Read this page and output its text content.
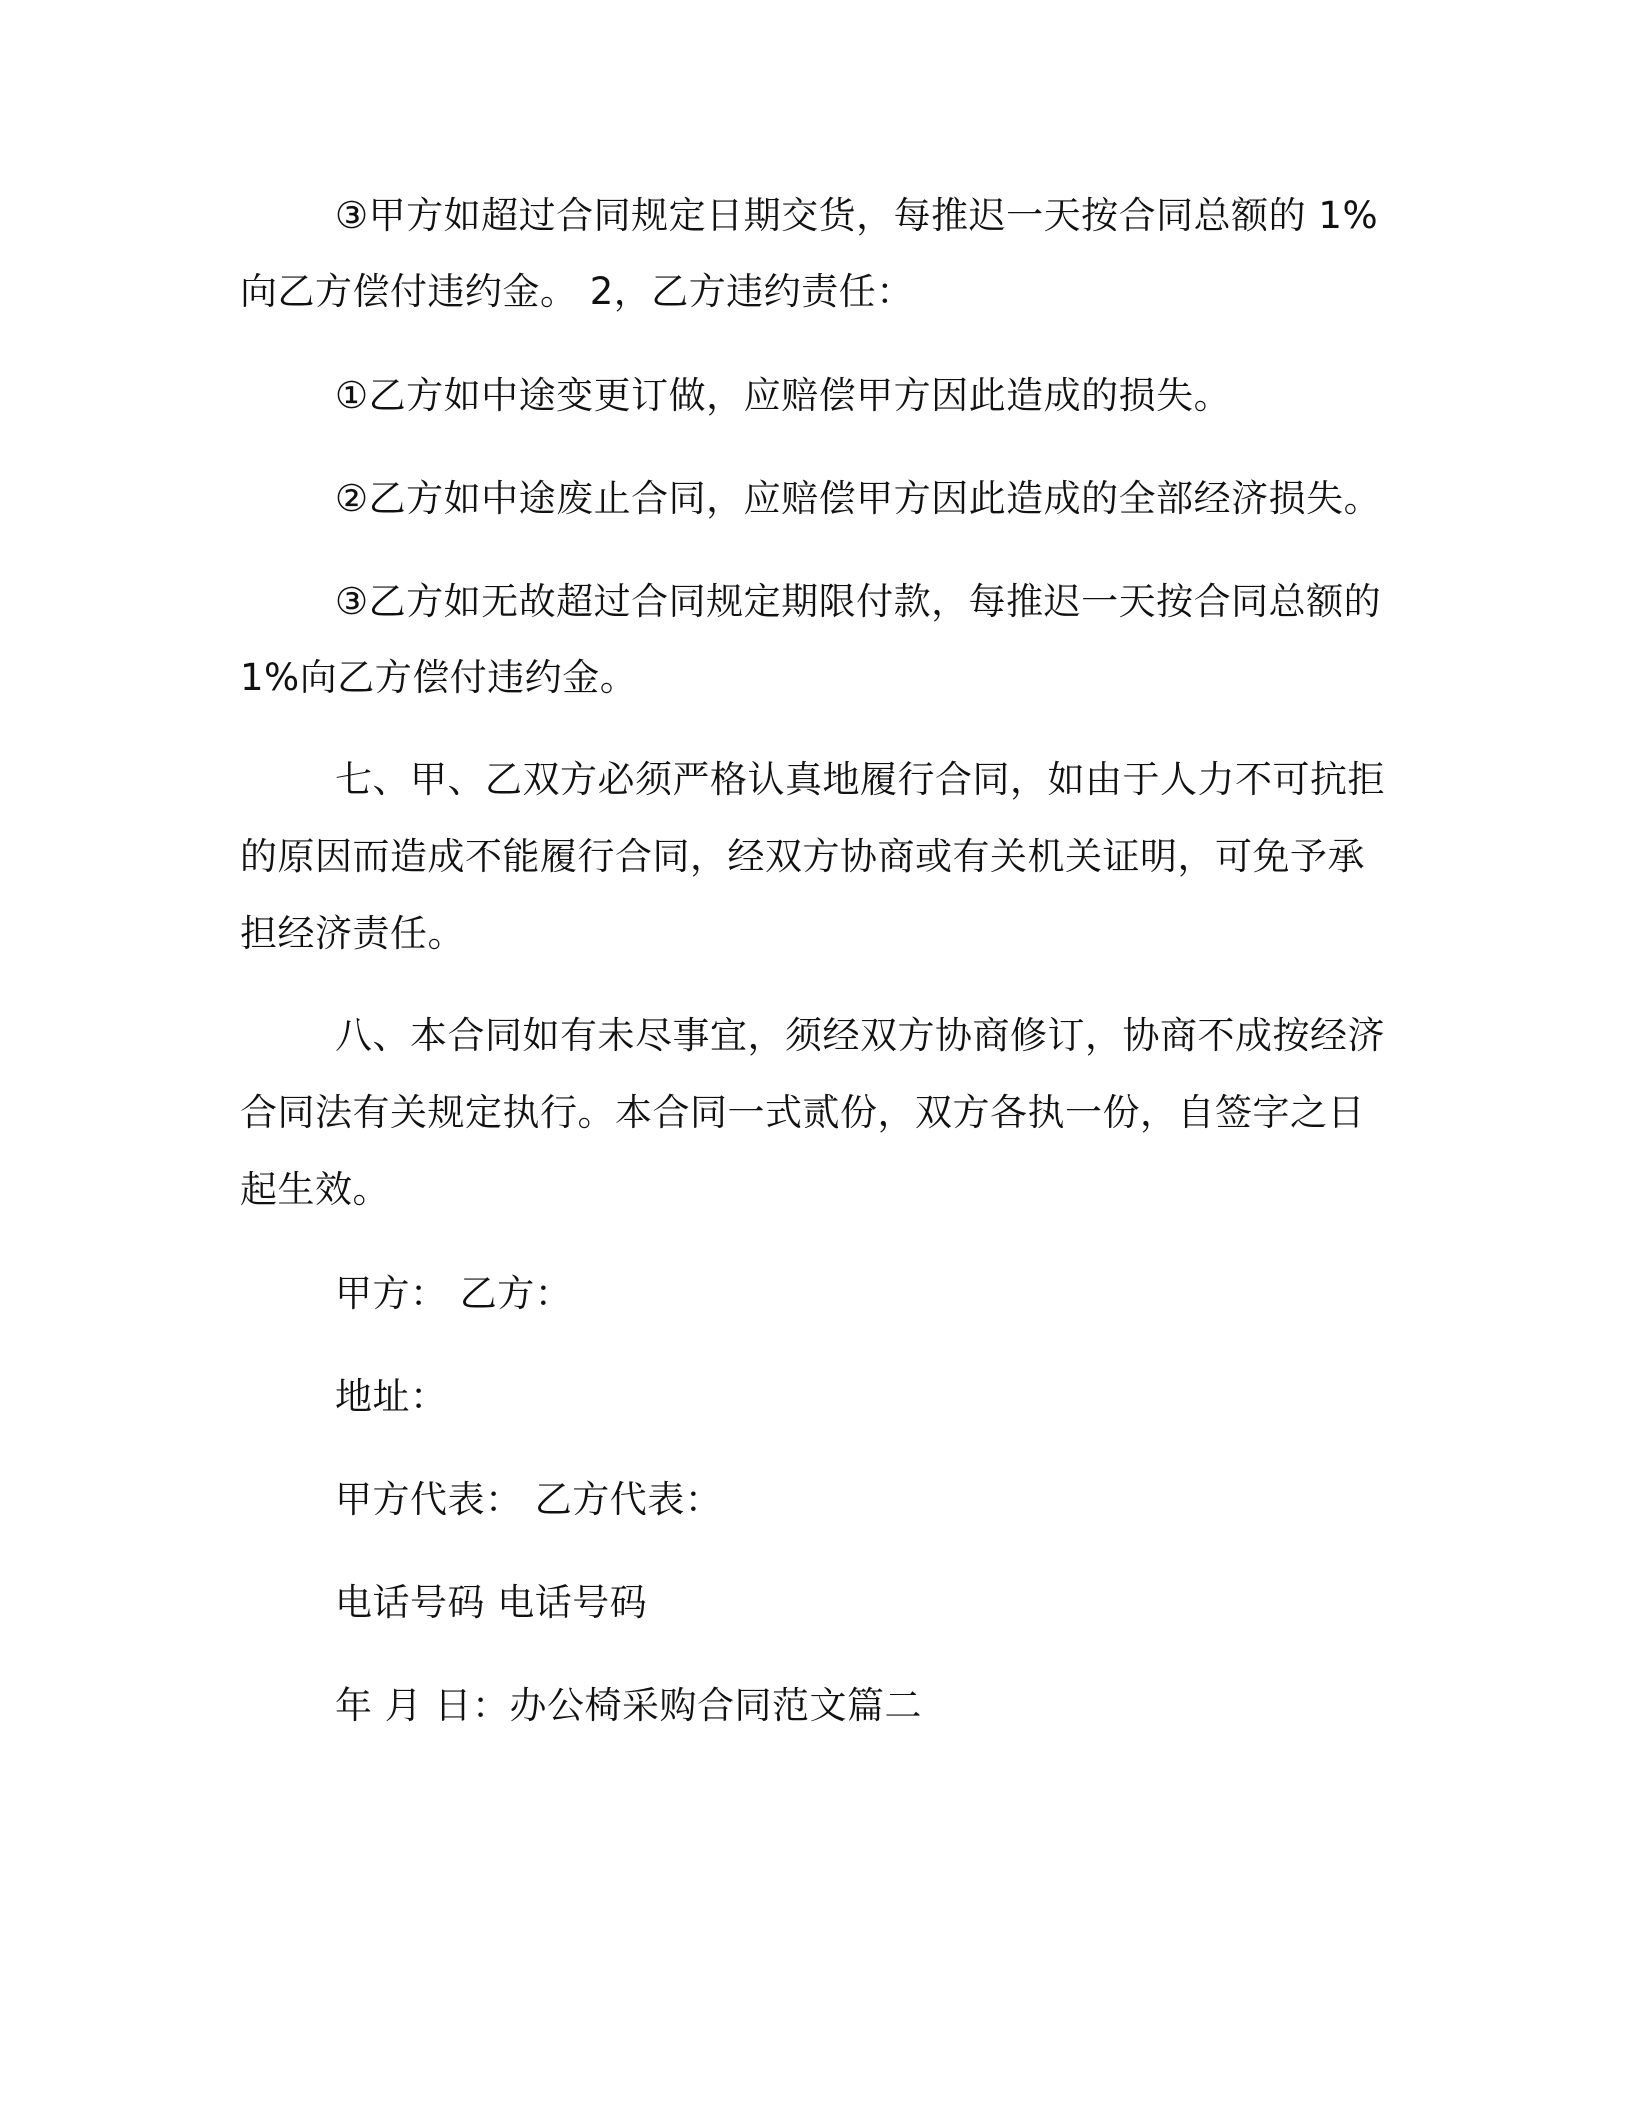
③甲方如超过合同规定日期交货，每推迟一天按合同总额的 1%
向乙方偿付违约金。 2，乙方违约责任：
①乙方如中途变更订做，应赔偿甲方因此造成的损失。
②乙方如中途废止合同，应赔偿甲方因此造成的全部经济损失。
③乙方如无故超过合同规定期限付款，每推迟一天按合同总额的
1%向乙方偿付违约金。
七、甲、乙双方必须严格认真地履行合同，如由于人力不可抗拒
的原因而造成不能履行合同，经双方协商或有关机关证明，可免予承
担经济责任。
八、本合同如有未尽事宜，须经双方协商修订，协商不成按经济
合同法有关规定执行。本合同一式贰份，双方各执一份，自签字之日
起生效。
甲方： 乙方：
地址：
甲方代表： 乙方代表：
电话号码 电话号码
年 月 日：办公椅采购合同范文篇二
